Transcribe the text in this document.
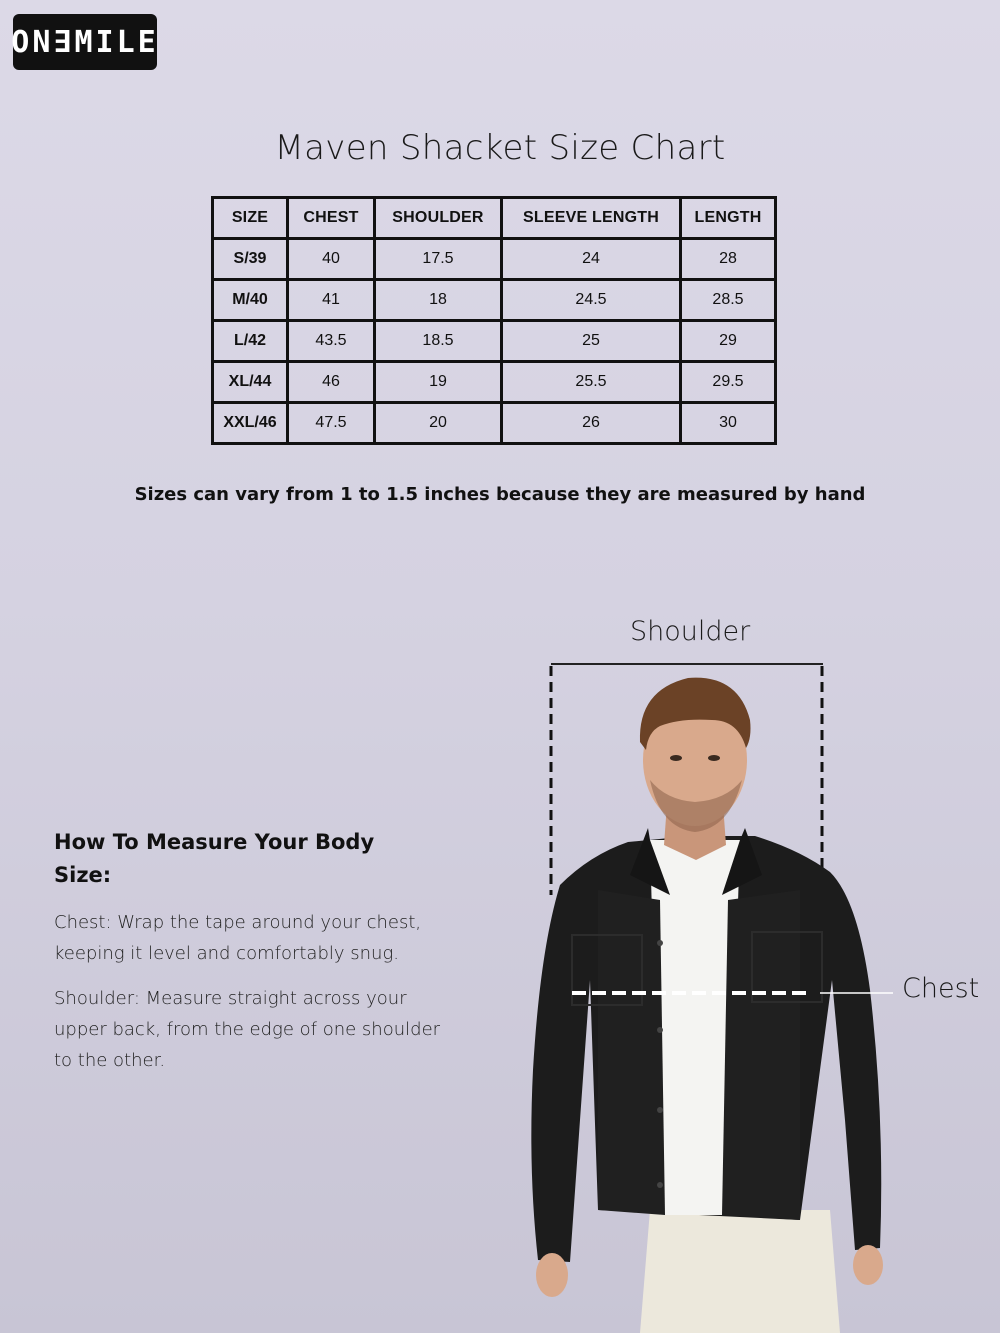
ON∃MILE
Maven Shacket Size Chart
SIZE	CHEST	SHOULDER	SLEEVE LENGTH	LENGTH
S/39	40	17.5	24	28
M/40	41	18	24.5	28.5
L/42	43.5	18.5	25	29
XL/44	46	19	25.5	29.5
XXL/46	47.5	20	26	30
Sizes can vary from 1 to 1.5 inches because they are measured by hand
How To Measure Your Body Size:
Chest: Wrap the tape around your chest, keeping it level and comfortably snug.
Shoulder: Measure straight across your upper back, from the edge of one shoulder to the other.
Shoulder
Chest
